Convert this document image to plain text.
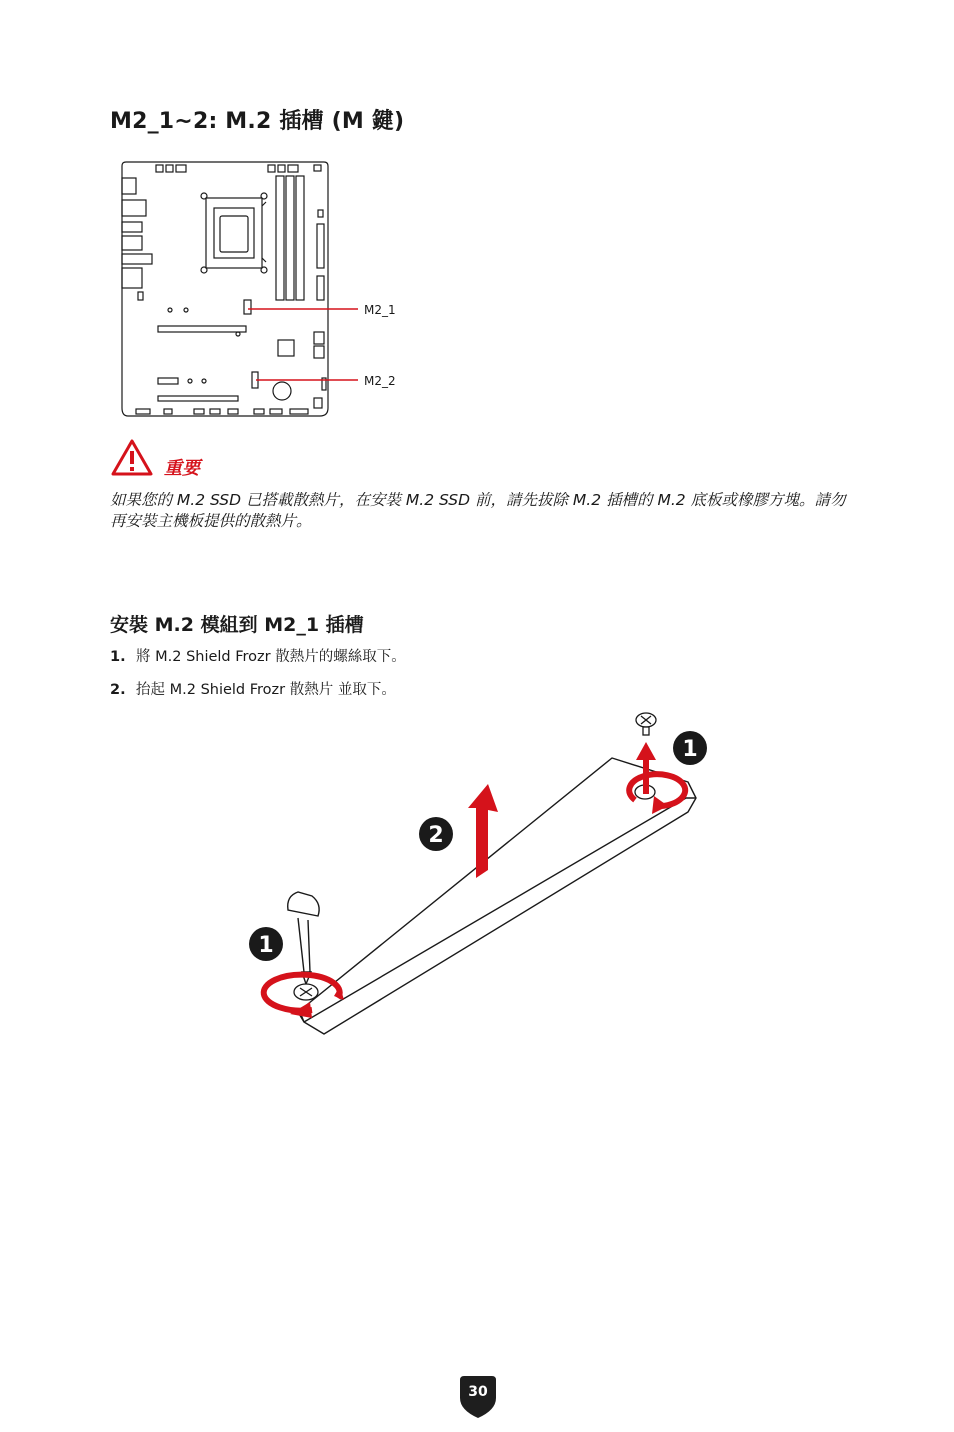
M2_1~2: M.2 插槽 (M 鍵)
M2_1
M2_2
重要
如果您的 M.2 SSD 已搭載散熱片，在安裝 M.2 SSD 前，請先拔除 M.2 插槽的 M.2 底板或橡膠方塊。請勿再安裝主機板提供的散熱片。
安裝 M.2 模組到 M2_1 插槽
1. 將 M.2 Shield Frozr 散熱片的螺絲取下。
2. 抬起 M.2 Shield Frozr 散熱片 並取下。
1
2
1
30
